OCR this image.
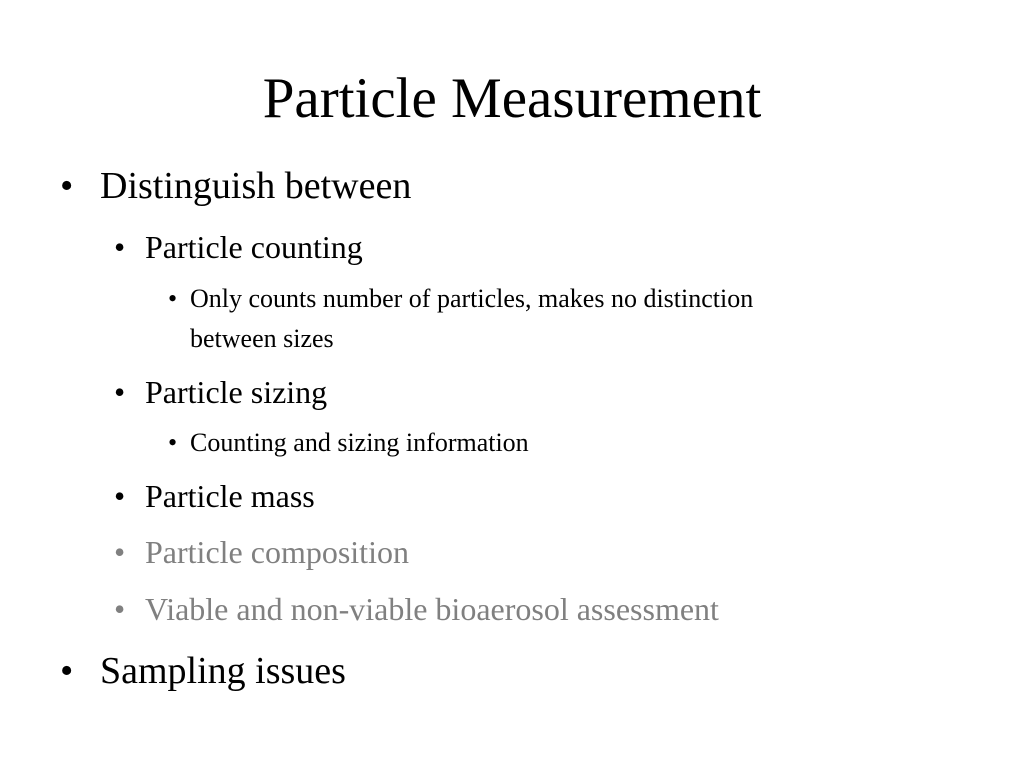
Particle Measurement
• Distinguish between
• Particle counting
• Only counts number of particles, makes no distinction
between sizes
• Particle sizing
• Counting and sizing information
• Particle mass
• Particle composition
• Viable and non-viable bioaerosol assessment
• Sampling issues
